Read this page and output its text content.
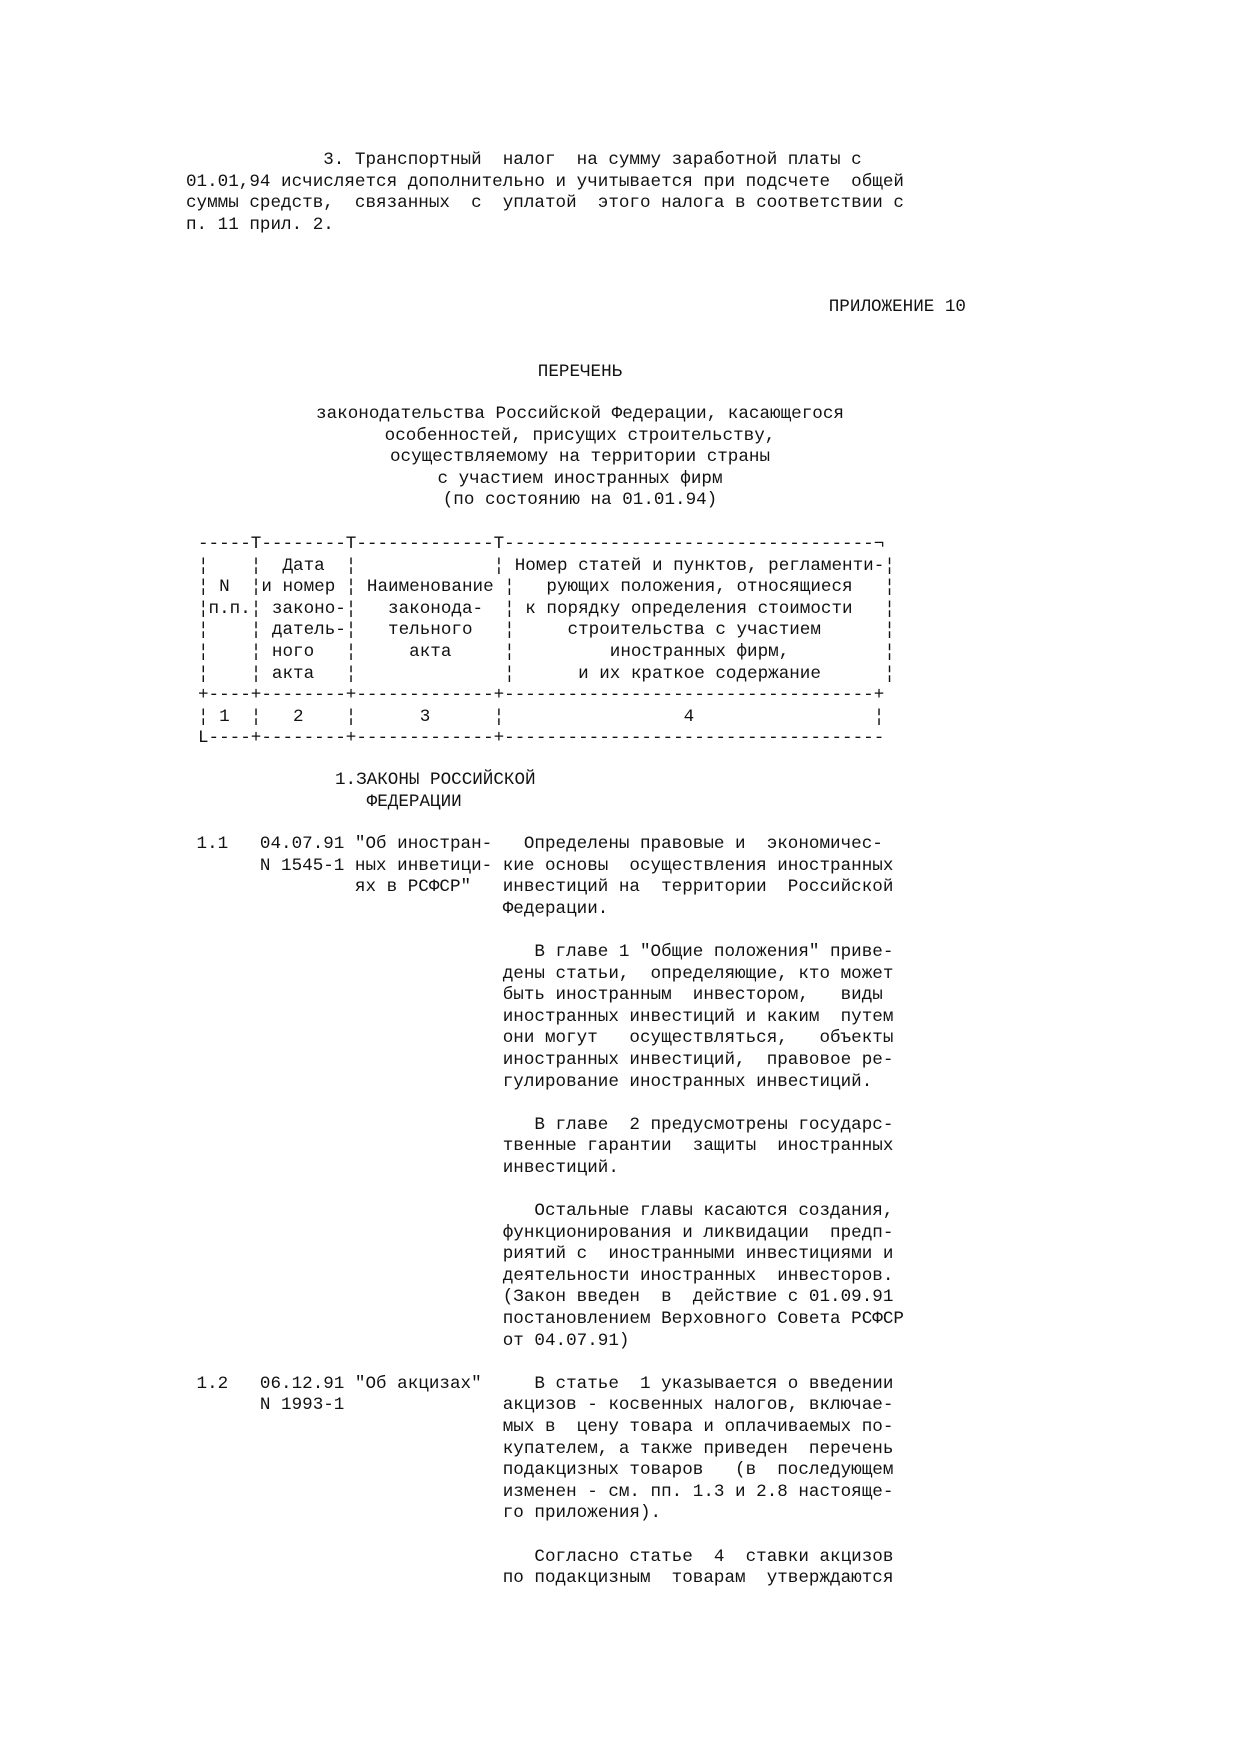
3. Транспортный  налог  на сумму заработной платы с
01.01,94 исчисляется дополнительно и учитывается при подсчете  общей
суммы средств,  связанных  с  уплатой  этого налога в соответствии с
п. 11 прил. 2.
ПРИЛОЖЕНИЕ 10
ПЕРЕЧЕНЬ
законодательства Российской Федерации, касающегося
особенностей, присущих строительству,
осуществляемому на территории страны
с участием иностранных фирм
(по состоянию на 01.01.94)
-----T--------T-------------T-----------------------------------¬
¦    ¦  Дата  ¦             ¦ Номер статей и пунктов, регламенти-¦
¦ N  ¦и номер ¦ Наименование ¦   рующих положения, относящиеся   ¦
¦п.п.¦ законо-¦   законода-  ¦ к порядку определения стоимости   ¦
¦    ¦ датель-¦   тельного   ¦     строительства с участием      ¦
¦    ¦ ного   ¦     акта     ¦         иностранных фирм,         ¦
¦    ¦ акта   ¦              ¦      и их краткое содержание      ¦
+----+--------+-------------+-----------------------------------+
¦ 1  ¦   2    ¦      3      ¦                 4                 ¦
L----+--------+-------------+------------------------------------
1.ЗАКОНЫ РОССИЙСКОЙ
ФЕДЕРАЦИИ
1.1   04.07.91 "Об иностран-   Определены правовые и  экономичес-
N 1545-1 ных инветици- кие основы  осуществления иностранных
ях в РСФСР"   инвестиций на  территории  Российской
Федерации.

В главе 1 "Общие положения" приве-
дены статьи,  определяющие, кто может
быть иностранным  инвестором,   виды
иностранных инвестиций и каким  путем
они могут   осуществляться,   объекты
иностранных инвестиций,  правовое ре-
гулирование иностранных инвестиций.

В главе  2 предусмотрены государс-
твенные гарантии  защиты  иностранных
инвестиций.

Остальные главы касаются создания,
функционирования и ликвидации  предп-
риятий с  иностранными инвестициями и
деятельности иностранных  инвесторов.
(Закон введен  в  действие с 01.09.91
постановлением Верховного Совета РСФСР
от 04.07.91)

1.2   06.12.91 "Об акцизах"     В статье  1 указывается о введении
N 1993-1               акцизов - косвенных налогов, включае-
мых в  цену товара и оплачиваемых по-
купателем, а также приведен  перечень
подакцизных товаров   (в  последующем
изменен - см. пп. 1.3 и 2.8 настояще-
го приложения).

Согласно статье  4  ставки акцизов
по подакцизным  товарам  утверждаются
